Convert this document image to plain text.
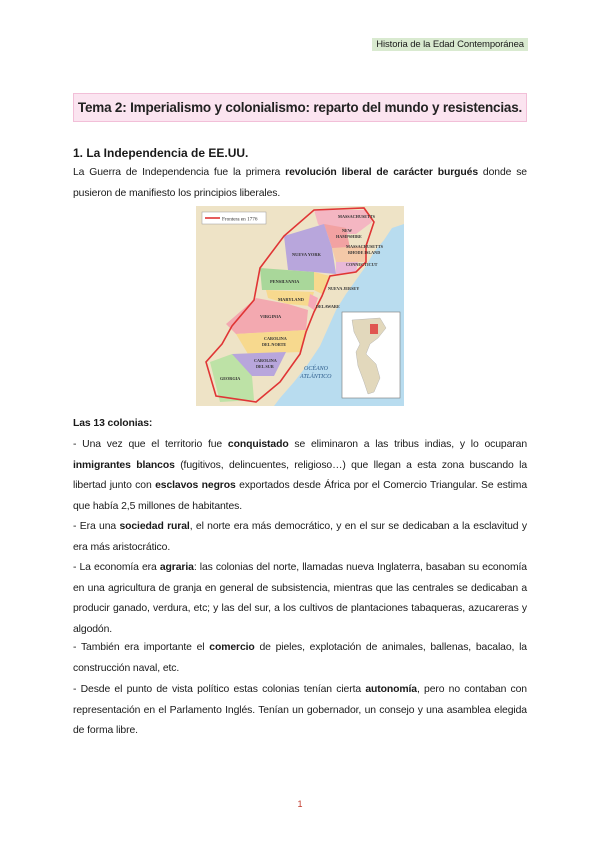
Historia de la Edad Contemporánea
Tema 2: Imperialismo y colonialismo: reparto del mundo y resistencias.
1. La Independencia de EE.UU.
La Guerra de Independencia fue la primera revolución liberal de carácter burgués donde se pusieron de manifiesto los principios liberales.
Frontera en 1776	MASSACHUSETTS
NEW
HAMPSHIRE
MASSACHUSETTS
RHODE ISLAND
CONNECTICUT
NUEVA YORK
NUEVA JERSEY
PENSILVANIA
DELAWARE
MARYLAND
VIRGINIA
CAROLINA
DEL NORTE
CAROLINA
DEL SUR
GEORGIA
OCÉANO
ATLÁNTICO
Las 13 colonias:
- Una vez que el territorio fue conquistado se eliminaron a las tribus indias, y lo ocuparan inmigrantes blancos (fugitivos, delincuentes, religioso…) que llegan a esta zona buscando la libertad junto con esclavos negros exportados desde África por el Comercio Triangular. Se estima que había 2,5 millones de habitantes.
- Era una sociedad rural, el norte era más democrático, y en el sur se dedicaban a la esclavitud y era más aristocrático.
- La economía era agraria: las colonias del norte, llamadas nueva Inglaterra, basaban su economía en una agricultura de granja en general de subsistencia, mientras que las centrales se dedicaban a producir ganado, verdura, etc; y las del sur, a los cultivos de plantaciones tabaqueras, azucareras y algodón.
- También era importante el comercio de pieles, explotación de animales, ballenas, bacalao, la construcción naval, etc.
- Desde el punto de vista político estas colonias tenían cierta autonomía, pero no contaban con representación en el Parlamento Inglés. Tenían un gobernador, un consejo y una asamblea elegida de forma libre.
1
